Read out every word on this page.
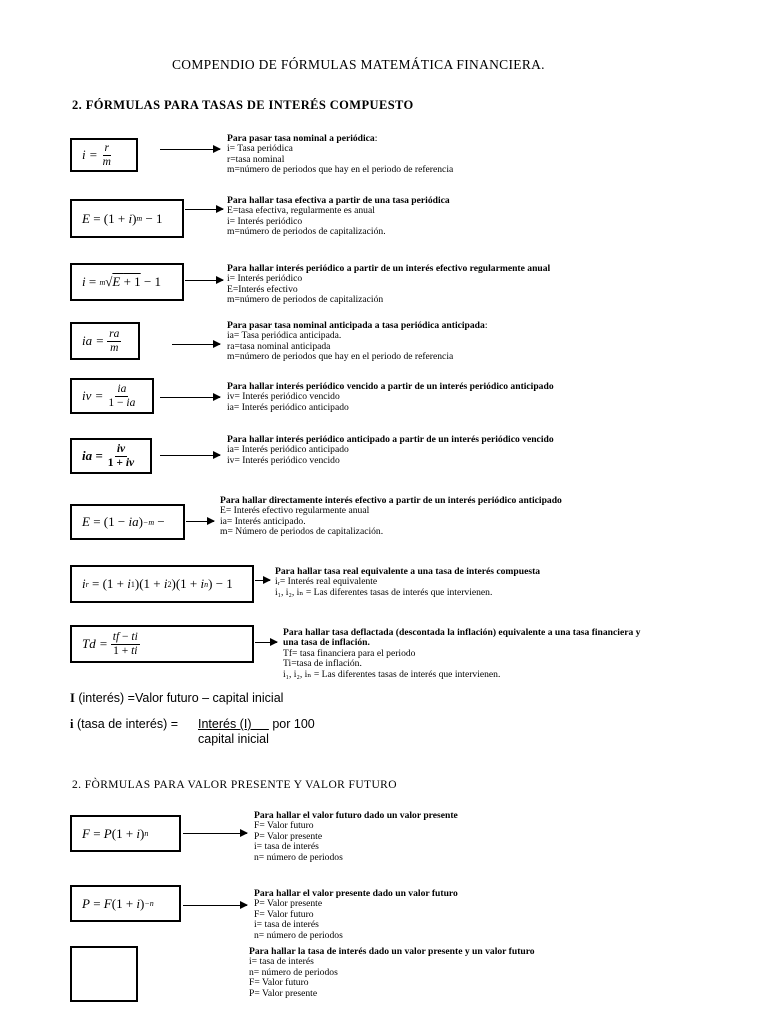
COMPENDIO DE FÓRMULAS MATEMÁTICA FINANCIERA.
2. FÓRMULAS PARA TASAS DE INTERÉS COMPUESTO
$i = \frac{r}{m}$
Para pasar tasa nominal a periódica:
i= Tasa periódica
r=tasa nominal
m=número de periodos que hay en el periodo de referencia
E = (1 + i ) m − 1
Para hallar tasa efectiva a partir de una tasa periódica
E=tasa efectiva, regularmente es anual
i= Interés periódico
m=número de periodos de capitalización.
i = m √ E + 1 − 1
Para hallar interés periódico a partir de un interés efectivo regularmente anual
i= Interés periódico
E=Interés efectivo
m=número de periodos de capitalización
ia = $\frac{ra}{m}$
Para pasar tasa nominal anticipada a tasa periódica anticipada:
ia= Tasa periódica anticipada.
ra=tasa nominal anticipada
m=número de periodos que hay en el periodo de referencia
iv = $\frac{ia}{1 - ia}$	Para hallar interés periódico vencido a partir de un interés periódico anticipado
iv= Interés periódico vencido
ia= Interés periódico anticipado
ia = $\frac{iv}{1 + iv}$
Para hallar interés periódico anticipado a partir de un interés periódico vencido
ia= Interés periódico anticipado
iv= Interés periódico vencido
E = (1 − ia ) −m −
Para hallar directamente interés efectivo a partir de un interés periódico anticipado
E= Interés efectivo regularmente anual
ia= Interés anticipado.
m= Número de periodos de capitalización.
i r = (1 + i 1 )(1 + i 2 )(1 + i n ) − 1
Para hallar tasa real equivalente a una tasa de interés compuesta
iᵣ= Interés real equivalente
i₁, i₂, iₙ = Las diferentes tasas de interés que intervienen.
$Td = \frac{tf - ti}{1 + ti}$	Para hallar tasa deflactada (descontada la inflación) equivalente a una tasa financiera y una tasa de inflación.
Tf= tasa financiera para el periodo
Ti=tasa de inflación.
i₁, i₂, iₙ = Las diferentes tasas de interés que intervienen.
I (interés) =Valor futuro – capital inicial
i (tasa de interés) = Interés (I) por 100
capital inicial
2. FÒRMULAS PARA VALOR PRESENTE Y VALOR FUTURO
F = P (1 + i ) n
Para hallar el valor futuro dado un valor presente
F= Valor futuro
P= Valor presente
i= tasa de interés
n= número de periodos
P = F (1 + i ) −n
Para hallar el valor presente dado un valor futuro
P= Valor presente
F= Valor futuro
i= tasa de interés
n= número de periodos
Para hallar la tasa de interés dado un valor presente y un valor futuro
i= tasa de interés
n= número de periodos
F= Valor futuro
P= Valor presente
